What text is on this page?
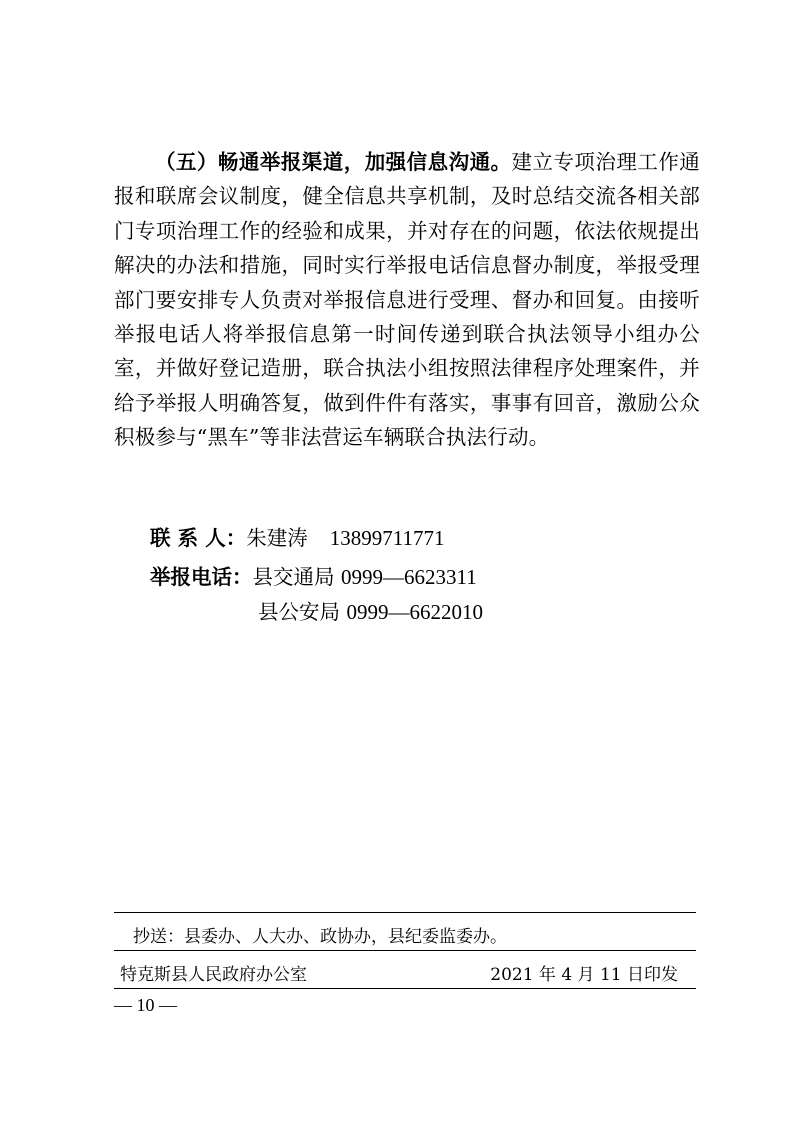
（五）畅通举报渠道，加强信息沟通。建立专项治理工作通报和联席会议制度，健全信息共享机制，及时总结交流各相关部门专项治理工作的经验和成果，并对存在的问题，依法依规提出解决的办法和措施，同时实行举报电话信息督办制度，举报受理部门要安排专人负责对举报信息进行受理、督办和回复。由接听举报电话人将举报信息第一时间传递到联合执法领导小组办公室，并做好登记造册，联合执法小组按照法律程序处理案件，并给予举报人明确答复，做到件件有落实，事事有回音，激励公众积极参与“黑车”等非法营运车辆联合执法行动。

联 系 人：朱建涛 13899711771
举报电话：县交通局 0999—6623311
县公安局 0999—6622010
抄送：县委办、人大办、政协办，县纪委监委办。
特克斯县人民政府办公室	2021 年 4 月 11 日印发
— 10 —
